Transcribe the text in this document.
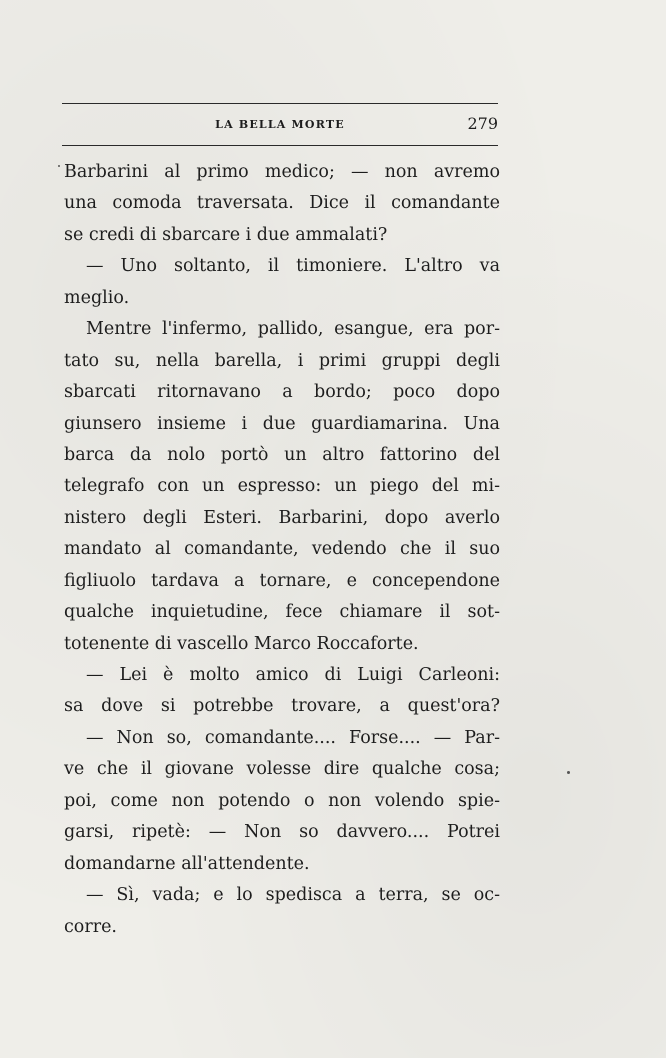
LA BELLA MORTE	279
Barbarini al primo medico; — non avremo
una comoda traversata. Dice il comandante
se credi di sbarcare i due ammalati?
— Uno soltanto, il timoniere. L'altro va
meglio.
Mentre l'infermo, pallido, esangue, era por-
tato su, nella barella, i primi gruppi degli
sbarcati ritornavano a bordo; poco dopo
giunsero insieme i due guardiamarina. Una
barca da nolo portò un altro fattorino del
telegrafo con un espresso: un piego del mi-
nistero degli Esteri. Barbarini, dopo averlo
mandato al comandante, vedendo che il suo
figliuolo tardava a tornare, e concependone
qualche inquietudine, fece chiamare il sot-
totenente di vascello Marco Roccaforte.
— Lei è molto amico di Luigi Carleoni:
sa dove si potrebbe trovare, a quest'ora?
— Non so, comandante.... Forse.... — Par-
ve che il giovane volesse dire qualche cosa;
poi, come non potendo o non volendo spie-
garsi, ripetè: — Non so davvero.... Potrei
domandarne all'attendente.
— Sì, vada; e lo spedisca a terra, se oc-
corre.
